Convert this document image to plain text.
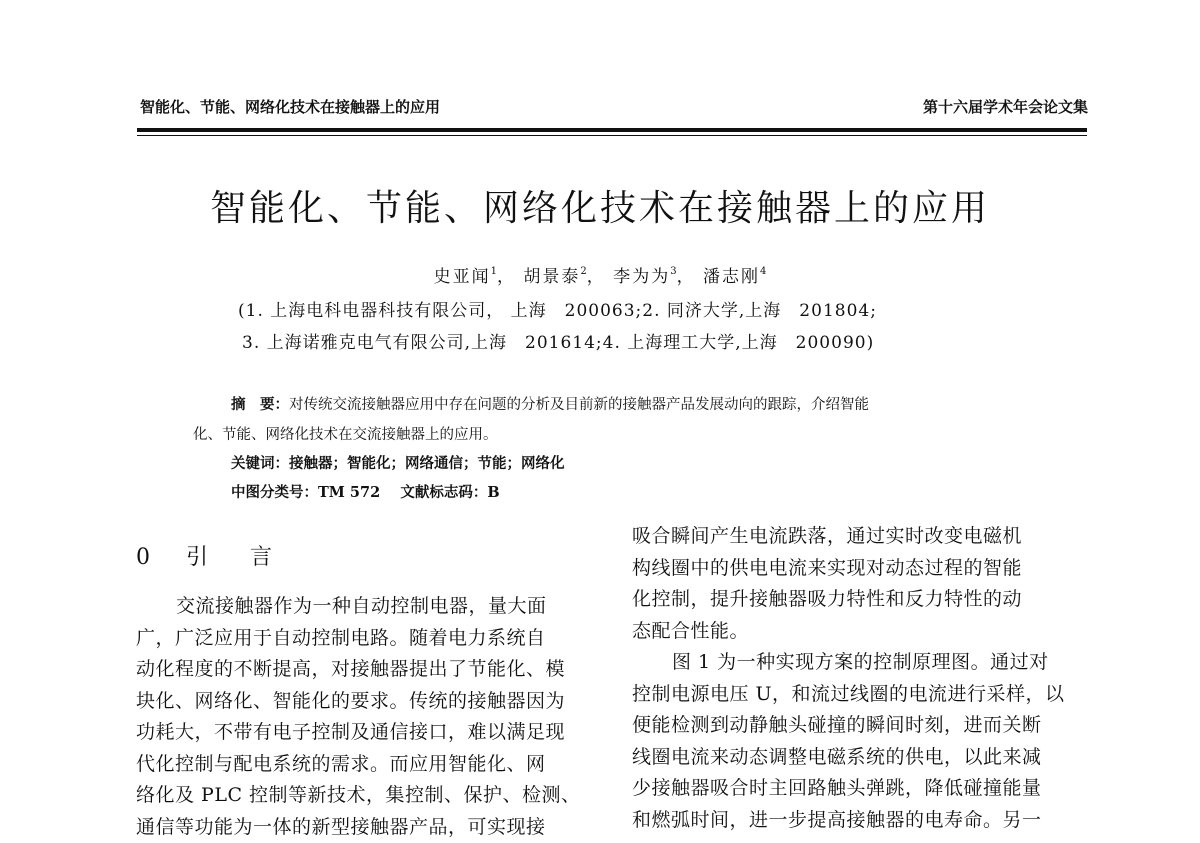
智能化、节能、网络化技术在接触器上的应用	第十六届学术年会论文集
智能化、节能、网络化技术在接触器上的应用
史亚闻$^1$， 胡景泰$^2$， 李为为$^3$， 潘志刚$^4$
(1. 上海电科电器科技有限公司， 上海　200063;2. 同济大学,上海　201804;
3. 上海诺雅克电气有限公司,上海　201614;4. 上海理工大学,上海　200090)
摘　要：对传统交流接触器应用中存在问题的分析及目前新的接触器产品发展动向的跟踪，介绍智能
化、节能、网络化技术在交流接触器上的应用。
关键词：接触器；智能化；网络通信；节能；网络化
中图分类号：TM 572 文献标志码：B
0 引　言

交流接触器作为一种自动控制电器，量大面

广，广泛应用于自动控制电路。随着电力系统自

动化程度的不断提高，对接触器提出了节能化、模

块化、网络化、智能化的要求。传统的接触器因为

功耗大，不带有电子控制及通信接口，难以满足现

代化控制与配电系统的需求。而应用智能化、网

络化及 PLC 控制等新技术，集控制、保护、检测、

通信等功能为一体的新型接触器产品，可实现接

吸合瞬间产生电流跌落，通过实时改变电磁机

构线圈中的供电电流来实现对动态过程的智能

化控制，提升接触器吸力特性和反力特性的动

态配合性能。

图 1 为一种实现方案的控制原理图。通过对

控制电源电压 U，和流过线圈的电流进行采样，以

便能检测到动静触头碰撞的瞬间时刻，进而关断

线圈电流来动态调整电磁系统的供电，以此来减

少接触器吸合时主回路触头弹跳，降低碰撞能量

和燃弧时间，进一步提高接触器的电寿命。另一
